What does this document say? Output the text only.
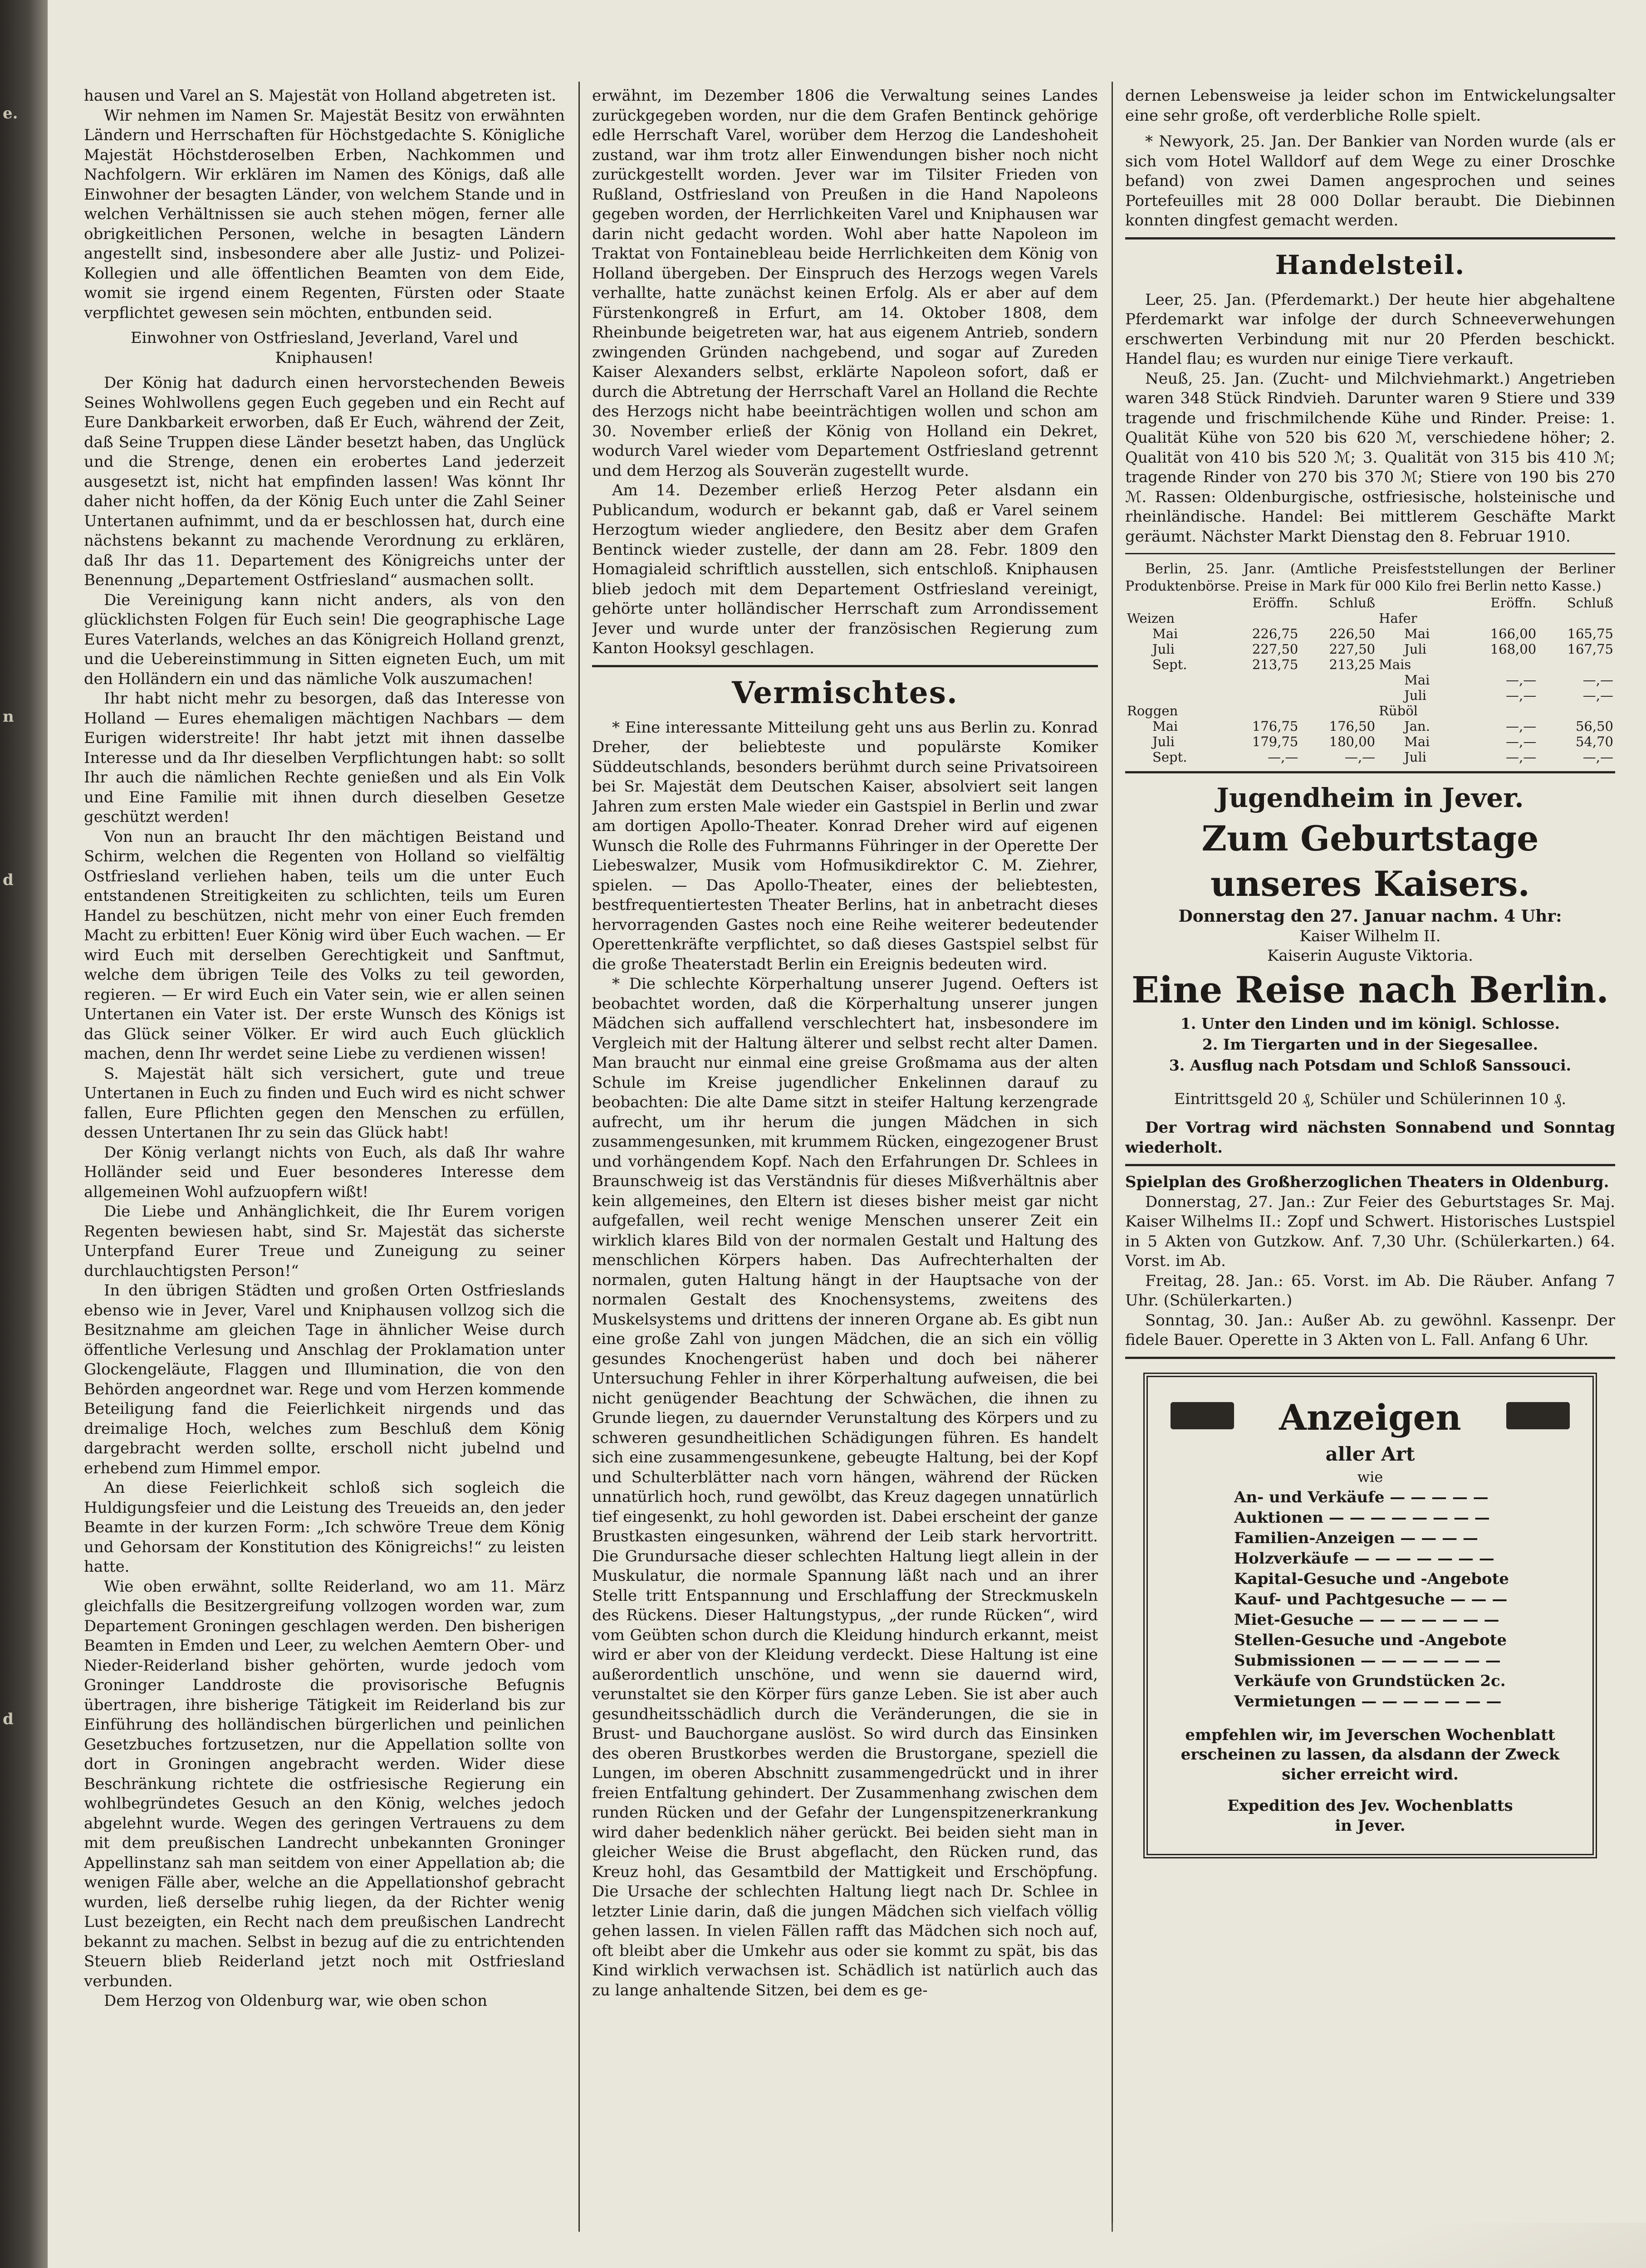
e.
n
d
d

hausen und Varel an S. Majestät von Holland abgetreten ist.

Wir nehmen im Namen Sr. Majestät Besitz von erwähnten Ländern und Herrschaften für Höchstgedachte S. Königliche Majestät Höchstderoselben Erben, Nachkommen und Nachfolgern. Wir erklären im Namen des Königs, daß alle Einwohner der besagten Länder, von welchem Stande und in welchen Verhältnissen sie auch stehen mögen, ferner alle obrigkeitlichen Personen, welche in besagten Ländern angestellt sind, insbesondere aber alle Justiz- und Polizei-Kollegien und alle öffentlichen Beamten von dem Eide, womit sie irgend einem Regenten, Fürsten oder Staate verpflichtet gewesen sein möchten, entbunden seid.

Einwohner von Ostfriesland, Jeverland, Varel und Kniphausen!

Der König hat dadurch einen hervorstechenden Beweis Seines Wohlwollens gegen Euch gegeben und ein Recht auf Eure Dankbarkeit erworben, daß Er Euch, während der Zeit, daß Seine Truppen diese Länder besetzt haben, das Unglück und die Strenge, denen ein erobertes Land jederzeit ausgesetzt ist, nicht hat empfinden lassen! Was könnt Ihr daher nicht hoffen, da der König Euch unter die Zahl Seiner Untertanen aufnimmt, und da er beschlossen hat, durch eine nächstens bekannt zu machende Verordnung zu erklären, daß Ihr das 11. Departement des Königreichs unter der Benennung „Departement Ostfriesland“ ausmachen sollt.

Die Vereinigung kann nicht anders, als von den glücklichsten Folgen für Euch sein! Die geographische Lage Eures Vaterlands, welches an das Königreich Holland grenzt, und die Uebereinstimmung in Sitten eigneten Euch, um mit den Holländern ein und das nämliche Volk auszumachen!

Ihr habt nicht mehr zu besorgen, daß das Interesse von Holland — Eures ehemaligen mächtigen Nachbars — dem Eurigen widerstreite! Ihr habt jetzt mit ihnen dasselbe Interesse und da Ihr dieselben Verpflichtungen habt: so sollt Ihr auch die nämlichen Rechte genießen und als Ein Volk und Eine Familie mit ihnen durch dieselben Gesetze geschützt werden!

Von nun an braucht Ihr den mächtigen Beistand und Schirm, welchen die Regenten von Holland so vielfältig Ostfriesland verliehen haben, teils um die unter Euch entstandenen Streitigkeiten zu schlichten, teils um Euren Handel zu beschützen, nicht mehr von einer Euch fremden Macht zu erbitten! Euer König wird über Euch wachen. — Er wird Euch mit derselben Gerechtigkeit und Sanftmut, welche dem übrigen Teile des Volks zu teil geworden, regieren. — Er wird Euch ein Vater sein, wie er allen seinen Untertanen ein Vater ist. Der erste Wunsch des Königs ist das Glück seiner Völker. Er wird auch Euch glücklich machen, denn Ihr werdet seine Liebe zu verdienen wissen!

S. Majestät hält sich versichert, gute und treue Untertanen in Euch zu finden und Euch wird es nicht schwer fallen, Eure Pflichten gegen den Menschen zu erfüllen, dessen Untertanen Ihr zu sein das Glück habt!

Der König verlangt nichts von Euch, als daß Ihr wahre Holländer seid und Euer besonderes Interesse dem allgemeinen Wohl aufzuopfern wißt!

Die Liebe und Anhänglichkeit, die Ihr Eurem vorigen Regenten bewiesen habt, sind Sr. Majestät das sicherste Unterpfand Eurer Treue und Zuneigung zu seiner durchlauchtigsten Person!“

In den übrigen Städten und großen Orten Ostfrieslands ebenso wie in Jever, Varel und Kniphausen vollzog sich die Besitznahme am gleichen Tage in ähnlicher Weise durch öffentliche Verlesung und Anschlag der Proklamation unter Glockengeläute, Flaggen und Illumination, die von den Behörden angeordnet war. Rege und vom Herzen kommende Beteiligung fand die Feierlichkeit nirgends und das dreimalige Hoch, welches zum Beschluß dem König dargebracht werden sollte, erscholl nicht jubelnd und erhebend zum Himmel empor.

An diese Feierlichkeit schloß sich sogleich die Huldigungsfeier und die Leistung des Treueids an, den jeder Beamte in der kurzen Form: „Ich schwöre Treue dem König und Gehorsam der Konstitution des Königreichs!“ zu leisten hatte.

Wie oben erwähnt, sollte Reiderland, wo am 11. März gleichfalls die Besitzergreifung vollzogen worden war, zum Departement Groningen geschlagen werden. Den bisherigen Beamten in Emden und Leer, zu welchen Aemtern Ober- und Nieder-Reiderland bisher gehörten, wurde jedoch vom Groninger Landdroste die provisorische Befugnis übertragen, ihre bisherige Tätigkeit im Reiderland bis zur Einführung des holländischen bürgerlichen und peinlichen Gesetzbuches fortzusetzen, nur die Appellation sollte von dort in Groningen angebracht werden. Wider diese Beschränkung richtete die ostfriesische Regierung ein wohlbegründetes Gesuch an den König, welches jedoch abgelehnt wurde. Wegen des geringen Vertrauens zu dem mit dem preußischen Landrecht unbekannten Groninger Appellinstanz sah man seitdem von einer Appellation ab; die wenigen Fälle aber, welche an die Appellationshof gebracht wurden, ließ derselbe ruhig liegen, da der Richter wenig Lust bezeigten, ein Recht nach dem preußischen Landrecht bekannt zu machen. Selbst in bezug auf die zu entrichtenden Steuern blieb Reiderland jetzt noch mit Ostfriesland verbunden.

Dem Herzog von Oldenburg war, wie oben schon

erwähnt, im Dezember 1806 die Verwaltung seines Landes zurückgegeben worden, nur die dem Grafen Bentinck gehörige edle Herrschaft Varel, worüber dem Herzog die Landeshoheit zustand, war ihm trotz aller Einwendungen bisher noch nicht zurückgestellt worden. Jever war im Tilsiter Frieden von Rußland, Ostfriesland von Preußen in die Hand Napoleons gegeben worden, der Herrlichkeiten Varel und Kniphausen war darin nicht gedacht worden. Wohl aber hatte Napoleon im Traktat von Fontainebleau beide Herrlichkeiten dem König von Holland übergeben. Der Einspruch des Herzogs wegen Varels verhallte, hatte zunächst keinen Erfolg. Als er aber auf dem Fürstenkongreß in Erfurt, am 14. Oktober 1808, dem Rheinbunde beigetreten war, hat aus eigenem Antrieb, sondern zwingenden Gründen nachgebend, und sogar auf Zureden Kaiser Alexanders selbst, erklärte Napoleon sofort, daß er durch die Abtretung der Herrschaft Varel an Holland die Rechte des Herzogs nicht habe beeinträchtigen wollen und schon am 30. November erließ der König von Holland ein Dekret, wodurch Varel wieder vom Departement Ostfriesland getrennt und dem Herzog als Souverän zugestellt wurde.

Am 14. Dezember erließ Herzog Peter alsdann ein Publicandum, wodurch er bekannt gab, daß er Varel seinem Herzogtum wieder angliedere, den Besitz aber dem Grafen Bentinck wieder zustelle, der dann am 28. Febr. 1809 den Homagialeid schriftlich ausstellen, sich entschloß. Kniphausen blieb jedoch mit dem Departement Ostfriesland vereinigt, gehörte unter holländischer Herrschaft zum Arrondissement Jever und wurde unter der französischen Regierung zum Kanton Hooksyl geschlagen.

Vermischtes.

* Eine interessante Mitteilung geht uns aus Berlin zu. Konrad Dreher, der beliebteste und populärste Komiker Süddeutschlands, besonders berühmt durch seine Privatsoireen bei Sr. Majestät dem Deutschen Kaiser, absolviert seit langen Jahren zum ersten Male wieder ein Gastspiel in Berlin und zwar am dortigen Apollo-Theater. Konrad Dreher wird auf eigenen Wunsch die Rolle des Fuhrmanns Führinger in der Operette Der Liebeswalzer, Musik vom Hofmusikdirektor C. M. Ziehrer, spielen. — Das Apollo-Theater, eines der beliebtesten, bestfrequentiertesten Theater Berlins, hat in anbetracht dieses hervorragenden Gastes noch eine Reihe weiterer bedeutender Operettenkräfte verpflichtet, so daß dieses Gastspiel selbst für die große Theaterstadt Berlin ein Ereignis bedeuten wird.

* Die schlechte Körperhaltung unserer Jugend. Oefters ist beobachtet worden, daß die Körperhaltung unserer jungen Mädchen sich auffallend verschlechtert hat, insbesondere im Vergleich mit der Haltung älterer und selbst recht alter Damen. Man braucht nur einmal eine greise Großmama aus der alten Schule im Kreise jugendlicher Enkelinnen darauf zu beobachten: Die alte Dame sitzt in steifer Haltung kerzengrade aufrecht, um ihr herum die jungen Mädchen in sich zusammengesunken, mit krummem Rücken, eingezogener Brust und vorhängendem Kopf. Nach den Erfahrungen Dr. Schlees in Braunschweig ist das Verständnis für dieses Mißverhältnis aber kein allgemeines, den Eltern ist dieses bisher meist gar nicht aufgefallen, weil recht wenige Menschen unserer Zeit ein wirklich klares Bild von der normalen Gestalt und Haltung des menschlichen Körpers haben. Das Aufrechterhalten der normalen, guten Haltung hängt in der Hauptsache von der normalen Gestalt des Knochensystems, zweitens des Muskelsystems und drittens der inneren Organe ab. Es gibt nun eine große Zahl von jungen Mädchen, die an sich ein völlig gesundes Knochengerüst haben und doch bei näherer Untersuchung Fehler in ihrer Körperhaltung aufweisen, die bei nicht genügender Beachtung der Schwächen, die ihnen zu Grunde liegen, zu dauernder Verunstaltung des Körpers und zu schweren gesundheitlichen Schädigungen führen. Es handelt sich eine zusammengesunkene, gebeugte Haltung, bei der Kopf und Schulterblätter nach vorn hängen, während der Rücken unnatürlich hoch, rund gewölbt, das Kreuz dagegen unnatürlich tief eingesenkt, zu hohl geworden ist. Dabei erscheint der ganze Brustkasten eingesunken, während der Leib stark hervortritt. Die Grundursache dieser schlechten Haltung liegt allein in der Muskulatur, die normale Spannung läßt nach und an ihrer Stelle tritt Entspannung und Erschlaffung der Streckmuskeln des Rückens. Dieser Haltungstypus, „der runde Rücken“, wird vom Geübten schon durch die Kleidung hindurch erkannt, meist wird er aber von der Kleidung verdeckt. Diese Haltung ist eine außerordentlich unschöne, und wenn sie dauernd wird, verunstaltet sie den Körper fürs ganze Leben. Sie ist aber auch gesundheitsschädlich durch die Veränderungen, die sie in Brust- und Bauchorgane auslöst. So wird durch das Einsinken des oberen Brustkorbes werden die Brustorgane, speziell die Lungen, im oberen Abschnitt zusammengedrückt und in ihrer freien Entfaltung gehindert. Der Zusammenhang zwischen dem runden Rücken und der Gefahr der Lungenspitzenerkrankung wird daher bedenklich näher gerückt. Bei beiden sieht man in gleicher Weise die Brust abgeflacht, den Rücken rund, das Kreuz hohl, das Gesamtbild der Mattigkeit und Erschöpfung. Die Ursache der schlechten Haltung liegt nach Dr. Schlee in letzter Linie darin, daß die jungen Mädchen sich vielfach völlig gehen lassen. In vielen Fällen rafft das Mädchen sich noch auf, oft bleibt aber die Umkehr aus oder sie kommt zu spät, bis das Kind wirklich verwachsen ist. Schädlich ist natürlich auch das zu lange anhaltende Sitzen, bei dem es ge-

dernen Lebensweise ja leider schon im Entwickelungsalter eine sehr große, oft verderbliche Rolle spielt.

* Newyork, 25. Jan. Der Bankier van Norden wurde (als er sich vom Hotel Walldorf auf dem Wege zu einer Droschke befand) von zwei Damen angesprochen und seines Portefeuilles mit 28 000 Dollar beraubt. Die Diebinnen konnten dingfest gemacht werden.

Handelsteil.

Leer, 25. Jan. (Pferdemarkt.) Der heute hier abgehaltene Pferdemarkt war infolge der durch Schneeverwehungen erschwerten Verbindung mit nur 20 Pferden beschickt. Handel flau; es wurden nur einige Tiere verkauft.

Neuß, 25. Jan. (Zucht- und Milchviehmarkt.) Angetrieben waren 348 Stück Rindvieh. Darunter waren 9 Stiere und 339 tragende und frischmilchende Kühe und Rinder. Preise: 1. Qualität Kühe von 520 bis 620 ℳ, verschiedene höher; 2. Qualität von 410 bis 520 ℳ; 3. Qualität von 315 bis 410 ℳ; tragende Rinder von 270 bis 370 ℳ; Stiere von 190 bis 270 ℳ. Rassen: Oldenburgische, ostfriesische, holsteinische und rheinländische. Handel: Bei mittlerem Geschäfte Markt geräumt. Nächster Markt Dienstag den 8. Februar 1910.

Berlin, 25. Janr. (Amtliche Preisfeststellungen der Berliner Produktenbörse. Preise in Mark für 000 Kilo frei Berlin netto Kasse.)

	Eröffn.	Schluß		Eröffn.	Schluß
Weizen			Hafer		
Mai	226,75	226,50	Mai	166,00	165,75
Juli	227,50	227,50	Juli	168,00	167,75
Sept.	213,75	213,25	Mais		
			Mai	—,—	—,—
			Juli	—,—	—,—
Roggen			Rüböl		
Mai	176,75	176,50	Jan.	—,—	56,50
Juli	179,75	180,00	Mai	—,—	54,70
Sept.	—,—	—,—	Juli	—,—	—,—
Jugendheim in Jever.
Zum Geburtstage unseres Kaisers.
Donnerstag den 27. Januar nachm. 4 Uhr:
Kaiser Wilhelm II.
Kaiserin Auguste Viktoria.
Eine Reise nach Berlin.
1. Unter den Linden und im königl. Schlosse.
2. Im Tiergarten und in der Siegesallee.
3. Ausflug nach Potsdam und Schloß Sanssouci.
Eintrittsgeld 20 ₰, Schüler und Schülerinnen 10 ₰.

Der Vortrag wird nächsten Sonnabend und Sonntag wiederholt.

Spielplan des Großherzoglichen Theaters in Oldenburg.

Donnerstag, 27. Jan.: Zur Feier des Geburtstages Sr. Maj. Kaiser Wilhelms II.: Zopf und Schwert. Historisches Lustspiel in 5 Akten von Gutzkow. Anf. 7,30 Uhr. (Schülerkarten.) 64. Vorst. im Ab.

Freitag, 28. Jan.: 65. Vorst. im Ab. Die Räuber. Anfang 7 Uhr. (Schülerkarten.)

Sonntag, 30. Jan.: Außer Ab. zu gewöhnl. Kassenpr. Der fidele Bauer. Operette in 3 Akten von L. Fall. Anfang 6 Uhr.

Anzeigen
aller Art
wie
An- und Verkäufe — — — — —
Auktionen — — — — — — — —
Familien-Anzeigen — — — —
Holzverkäufe — — — — — — —
Kapital-Gesuche und -Angebote
Kauf- und Pachtgesuche — — —
Miet-Gesuche — — — — — — —
Stellen-Gesuche und -Angebote
Submissionen — — — — — — —
Verkäufe von Grundstücken 2c.
Vermietungen — — — — — — —

empfehlen wir, im Jeverschen Wochenblatt erscheinen zu lassen, da alsdann der Zweck sicher erreicht wird.

Expedition des Jev. Wochenblatts
in Jever.
